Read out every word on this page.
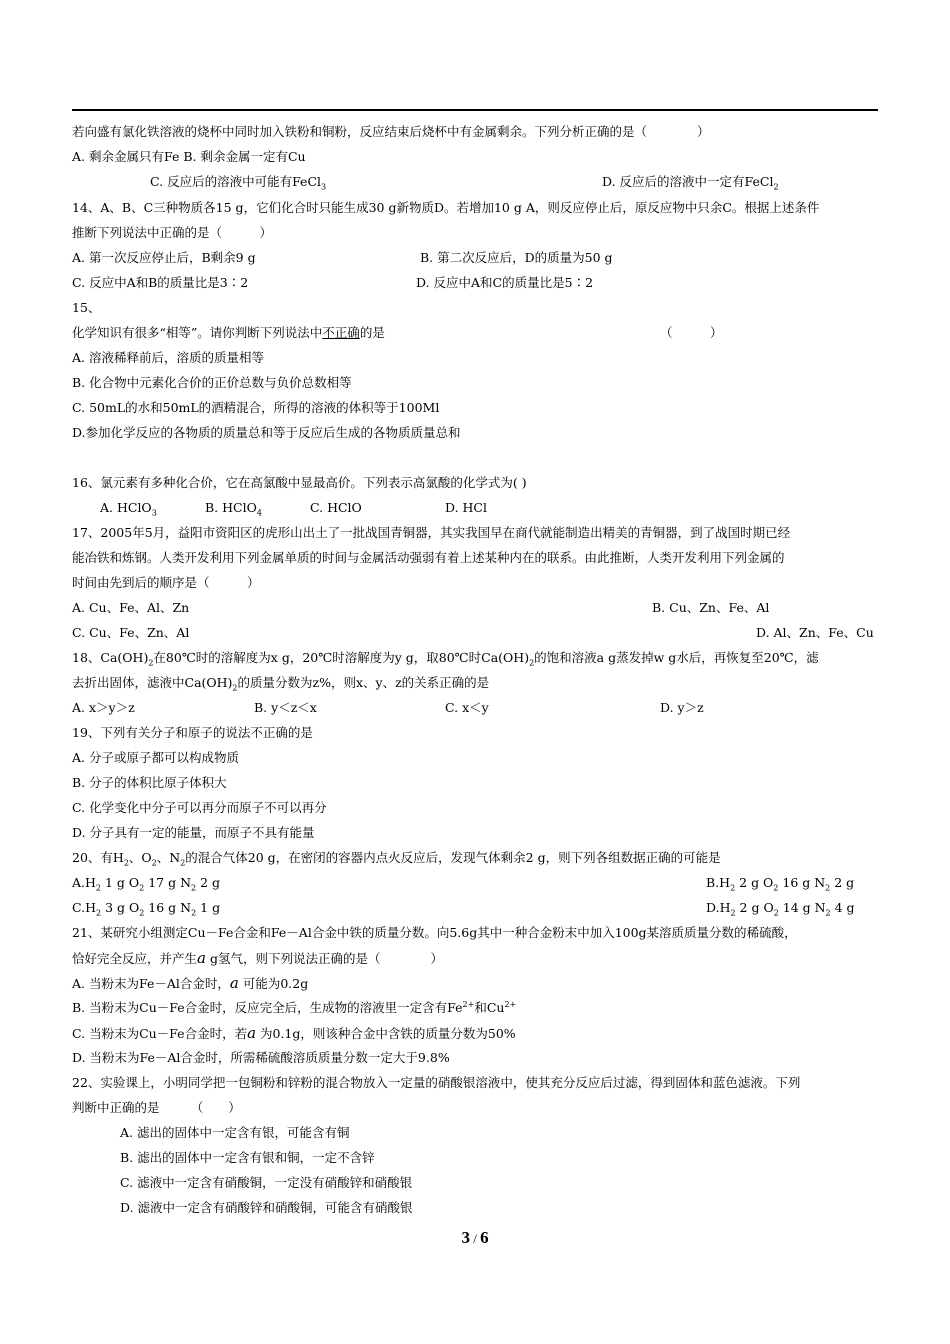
若向盛有氯化铁溶液的烧杯中同时加入铁粉和铜粉，反应结束后烧杯中有金属剩余。下列分析正确的是（　　　　）
A. 剩余金属只有Fe B. 剩余金属一定有Cu
C. 反应后的溶液中可能有FeCl$_3$	D. 反应后的溶液中一定有FeCl$_2$
14、A、B、C三种物质各15 g，它们化合时只能生成30 g新物质D。若增加10 g A，则反应停止后，原反应物中只余C。根据上述条件
推断下列说法中正确的是（　　　）
A. 第一次反应停止后，B剩余9 g	B. 第二次反应后，D的质量为50 g
C. 反应中A和B的质量比是3∶2	D. 反应中A和C的质量比是5∶2
15、
化学知识有很多“相等”。请你判断下列说法中不正确的是	（　　　）
A. 溶液稀释前后，溶质的质量相等
B. 化合物中元素化合价的正价总数与负价总数相等
C. 50mL的水和50mL的酒精混合，所得的溶液的体积等于100Ml
D.参加化学反应的各物质的质量总和等于反应后生成的各物质质量总和
16、氯元素有多种化合价，它在高氯酸中显最高价。下列表示高氯酸的化学式为( )
A. HClO$_3$	B. HClO$_4$	C. HClO	D. HCl
17、2005年5月，益阳市资阳区的虎形山出土了一批战国青铜器，其实我国早在商代就能制造出精美的青铜器，到了战国时期已经
能冶铁和炼钢。人类开发利用下列金属单质的时间与金属活动强弱有着上述某种内在的联系。由此推断，人类开发利用下列金属的
时间由先到后的顺序是（　　　）
A. Cu、Fe、Al、Zn	B. Cu、Zn、Fe、Al
C. Cu、Fe、Zn、Al	D. Al、Zn、Fe、Cu
18、$Ca(OH)_2$在80℃时的溶解度为x g，20℃时溶解度为y g，取80℃时$Ca(OH)_2$的饱和溶液a g蒸发掉w g水后，再恢复至20℃，滤
去折出固体，滤液中$Ca(OH)_2$的质量分数为z%，则x、y、z的关系正确的是
A. x＞y＞z	B. y＜z＜x	C. x＜y	D. y＞z
19、下列有关分子和原子的说法不正确的是
A. 分子或原子都可以构成物质
B. 分子的体积比原子体积大
C. 化学变化中分子可以再分而原子不可以再分
D. 分子具有一定的能量，而原子不具有能量
20、有$H_2$、$O_2$、$N_2$的混合气体20 g，在密闭的容器内点火反应后，发现气体剩余2 g，则下列各组数据正确的可能是
$A.H_2$ 1 g $O_2$ 17 g $N_2$ 2 g	$B.H_2$ 2 g $O_2$ 16 g $N_2$ 2 g
$C.H_2$ 3 g $O_2$ 16 g $N_2$ 1 g	$D.H_2$ 2 g $O_2$ 14 g $N_2$ 4 g
21、某研究小组测定Cu－Fe合金和Fe－Al合金中铁的质量分数。向5.6g其中一种合金粉末中加入100g某溶质质量分数的稀硫酸，
恰好完全反应，并产生a g氢气，则下列说法正确的是（　　　　）
A. 当粉末为Fe－Al合金时，a 可能为0.2g
B. 当粉末为Cu－Fe合金时，反应完全后，生成物的溶液里一定含有$Fe^{2+}$和$Cu^{2+}$
C. 当粉末为Cu－Fe合金时，若a 为0.1g，则该种合金中含铁的质量分数为50%
D. 当粉末为Fe－Al合金时，所需稀硫酸溶质质量分数一定大于9.8%
22、实验课上，小明同学把一包铜粉和锌粉的混合物放入一定量的硝酸银溶液中，使其充分反应后过滤，得到固体和蓝色滤液。下列
判断中正确的是　　　（　　）
A. 滤出的固体中一定含有银，可能含有铜
B. 滤出的固体中一定含有银和铜，一定不含锌
C. 滤液中一定含有硝酸铜，一定没有硝酸锌和硝酸银
D. 滤液中一定含有硝酸锌和硝酸铜，可能含有硝酸银
3 / 6
